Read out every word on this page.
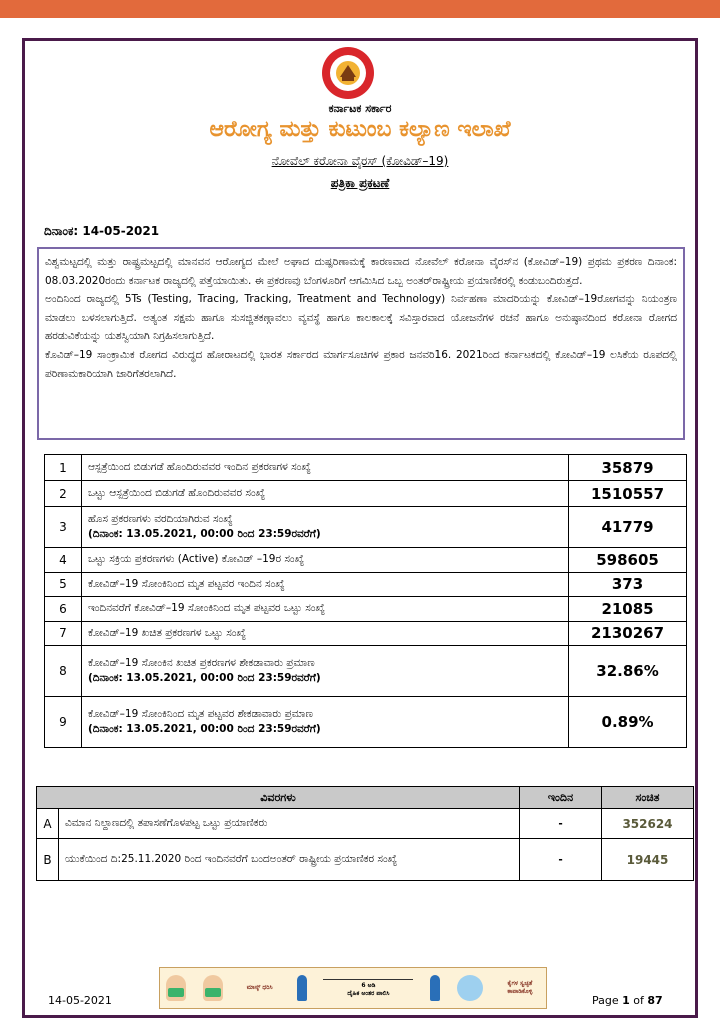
ಕರ್ನಾಟಕ ಸರ್ಕಾರ
ಆರೋಗ್ಯ ಮತ್ತು ಕುಟುಂಬ ಕಲ್ಯಾಣ ಇಲಾಖೆ
ನೋವೆಲ್ ಕರೋನಾ ವೈರಸ್ (ಕೋವಿಡ್–19)
ಪತ್ರಿಕಾ ಪ್ರಕಟಣೆ
ದಿನಾಂಕ: 14-05-2021

ವಿಶ್ವಮಟ್ಟದಲ್ಲಿ ಮತ್ತು ರಾಷ್ಟ್ರಮಟ್ಟದಲ್ಲಿ ಮಾನವನ ಆರೋಗ್ಯದ ಮೇಲೆ ಅಘಾದ ದುಷ್ಪರಿಣಾಮಕ್ಕೆ ಕಾರಣವಾದ ನೋವೆಲ್ ಕರೋನಾ ವೈರಸ್‌ನ (ಕೋವಿಡ್–19) ಪ್ರಥಮ ಪ್ರಕರಣ ದಿನಾಂಕ: 08.03.2020ರಂದು ಕರ್ನಾಟಕ ರಾಜ್ಯದಲ್ಲಿ ಪತ್ತೆಯಾಯಿತು. ಈ ಪ್ರಕರಣವು ಬೆಂಗಳೂರಿಗೆ ಆಗಮಿಸಿದ ಒಬ್ಬ ಅಂತರ್‌ರಾಷ್ಟ್ರೀಯ ಪ್ರಯಾಣಿಕರಲ್ಲಿ ಕಂಡುಬಂದಿರುತ್ತದೆ.

ಅಂದಿನಿಂದ ರಾಜ್ಯದಲ್ಲಿ 5Ts (Testing, Tracing, Tracking, Treatment and Technology) ನಿರ್ವಹಣಾ ಮಾದರಿಯನ್ನು ಕೋವಿಡ್–19ರೋಗವನ್ನು ನಿಯಂತ್ರಣ ಮಾಡಲು ಬಳಸಲಾಗುತ್ತಿದೆ. ಅತ್ಯಂತ ಸಕ್ಷಮ ಹಾಗೂ ಸುಸಜ್ಜಿತಕಣ್ಗಾವಲು ವ್ಯವಸ್ಥೆ ಹಾಗೂ ಕಾಲಕಾಲಕ್ಕೆ ಸವಿಸ್ತಾರವಾದ ಯೋಜನೆಗಳ ರಚನೆ ಹಾಗೂ ಅನುಷ್ಠಾನದಿಂದ ಕರೋನಾ ರೋಗದ ಹರಡುವಿಕೆಯನ್ನು ಯಶಸ್ವಿಯಾಗಿ ನಿಗ್ರಹಿಸಲಾಗುತ್ತಿದೆ.

ಕೊವಿಡ್–19 ಸಾಂಕ್ರಾಮಿಕ ರೋಗದ ವಿರುದ್ಧದ ಹೋರಾಟದಲ್ಲಿ ಭಾರತ ಸರ್ಕಾರದ ಮಾರ್ಗಸೂಚಿಗಳ ಪ್ರಕಾರ ಜನವರಿ16. 2021ರಿಂದ ಕರ್ನಾಟಕದಲ್ಲಿ ಕೋವಿಡ್–19 ಲಸಿಕೆಯ ರೂಪದಲ್ಲಿ ಪರಿಣಾಮಕಾರಿಯಾಗಿ ಜಾರಿಗೆತರಲಾಗಿದೆ.

1	ಆಸ್ಪತ್ರೆಯಿಂದ ಬಿಡುಗಡೆ ಹೊಂದಿರುವವರ ಇಂದಿನ ಪ್ರಕರಣಗಳ ಸಂಖ್ಯೆ	35879
2	ಒಟ್ಟು ಆಸ್ಪತ್ರೆಯಿಂದ ಬಿಡುಗಡೆ ಹೊಂದಿರುವವರ ಸಂಖ್ಯೆ	1510557
3	ಹೊಸ ಪ್ರಕರಣಗಳು ವರದಿಯಾಗಿರುವ ಸಂಖ್ಯೆ
(ದಿನಾಂಕ: 13.05.2021, 00:00 ರಿಂದ 23:59ರವರೆಗೆ)	41779
4	ಒಟ್ಟು ಸಕ್ರಿಯ ಪ್ರಕರಣಗಳು (Active) ಕೋವಿಡ್ –19ರ ಸಂಖ್ಯೆ	598605
5	ಕೋವಿಡ್–19 ಸೋಂಕಿನಿಂದ ಮೃತ ಪಟ್ಟವರ ಇಂದಿನ ಸಂಖ್ಯೆ	373
6	ಇಂದಿನವರೆಗೆ ಕೋವಿಡ್–19 ಸೋಂಕಿನಿಂದ ಮೃತ ಪಟ್ಟವರ ಒಟ್ಟು ಸಂಖ್ಯೆ	21085
7	ಕೋವಿಡ್–19 ಖಚಿತ ಪ್ರಕರಣಗಳ ಒಟ್ಟು ಸಂಖ್ಯೆ	2130267
8	ಕೋವಿಡ್–19 ಸೋಂಕಿನ ಖಚಿತ ಪ್ರಕರಣಗಳ ಶೇಕಡಾವಾರು ಪ್ರಮಾಣ
(ದಿನಾಂಕ: 13.05.2021, 00:00 ರಿಂದ 23:59ರವರೆಗೆ)	32.86%
9	ಕೋವಿಡ್–19 ಸೋಂಕಿನಿಂದ ಮೃತ ಪಟ್ಟವರ ಶೇಕಡಾವಾರು ಪ್ರಮಾಣ
(ದಿನಾಂಕ: 13.05.2021, 00:00 ರಿಂದ 23:59ರವರೆಗೆ)	0.89%
ವಿವರಗಳು		ಇಂದಿನ	ಸಂಚಿತ
A	ವಿಮಾನ ನಿಲ್ದಾಣದಲ್ಲಿ ತಪಾಸಣೆಗೊಳಪಟ್ಟ ಒಟ್ಟು ಪ್ರಯಾಣಿಕರು	-	352624
B	ಯುಕೆಯಿಂದ ದಿ:25.11.2020 ರಿಂದ ಇಂದಿನವರೆಗೆ ಬಂದಅಂತರ್ ರಾಷ್ಟ್ರೀಯ ಪ್ರಯಾಣಿಕರ ಸಂಖ್ಯೆ	-	19445
ಮಾಸ್ಕ್ ಧರಿಸಿ	6 ಅಡಿ
ದೈಹಿಕ ಅಂತರ ಪಾಲಿಸಿ
ಕೈಗಳ ಸ್ವಚ್ಛತೆ ಕಾಪಾಡಿಕೊಳ್ಳಿ
14-05-2021	Page 1 of 87
